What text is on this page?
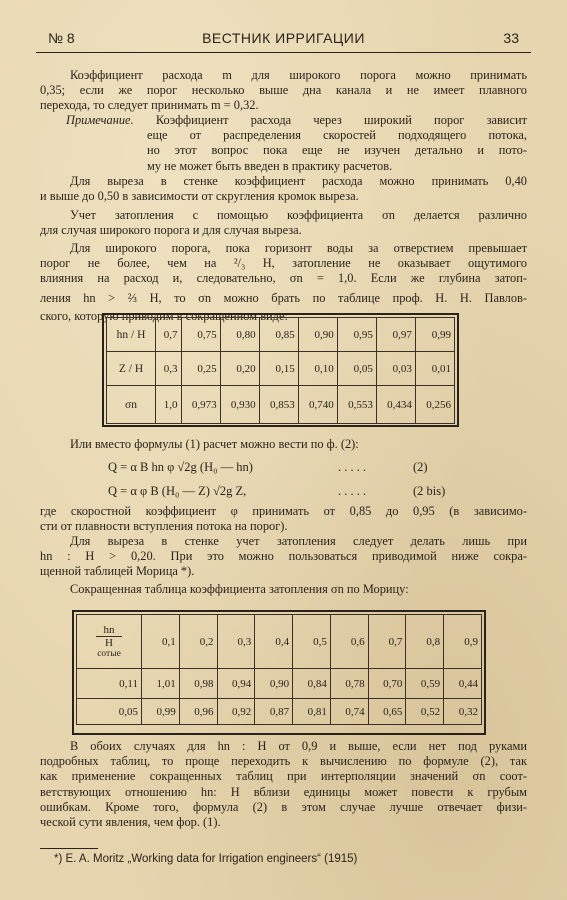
№ 8	ВЕСТНИК ИРРИГАЦИИ	33
Коэффициент расхода m для широкого порога можно принимать
0,35; если же порог несколько выше дна канала и не имеет плавного
перехода, то следует принимать m = 0,32.
Примечание. Коэффициент расхода через широкий порог зависит
еще от распределения скоростей подходящего потока,
но этот вопрос пока еще не изучен детально и пото-
му не может быть введен в практику расчетов.
Для выреза в стенке коэффициент расхода можно принимать 0,40
и выше до 0,50 в зависимости от скругления кромок выреза.
Учет затопления с помощью коэффициента σn делается различно
для случая широкого порога и для случая выреза.
Для широкого порога, пока горизонт воды за отверстием превышает
порог не более, чем на ²/₃ H, затопление не оказывает ощутимого
влияния на расход и, следовательно, σn = 1,0. Если же глубина затоп-
ления hn > ⅔ H, то σn можно брать по таблице проф. Н. Н. Павлов-
ского, которую приводим в сокращенном виде:
hn / H	0,7	0,75	0,80	0,85	0,90	0,95	0,97	0,99
Z / H	0,3	0,25	0,20	0,15	0,10	0,05	0,03	0,01
σn	1,0	0,973	0,930	0,853	0,740	0,553	0,434	0,256
Или вместо формулы (1) расчет можно вести по ф. (2):
Q = α B hn φ √2g (H₀ — hn)	. . . . .	(2)
Q = α φ B (H₀ — Z) √2g Z,	. . . . .	(2 bis)
где скоростной коэффициент φ принимать от 0,85 до 0,95 (в зависимо-
сти от плавности вступления потока на порог).
Для выреза в стенке учет затопления следует делать лишь при
hn : H > 0,20. При это можно пользоваться приводимой ниже сокра-
щенной таблицей Морица *).
Сокращенная таблица коэффициента затопления σn по Морицу:
hn
H
сотые	0,1	0,2	0,3	0,4	0,5	0,6	0,7	0,8	0,9
0,11	1,01	0,98	0,94	0,90	0,84	0,78	0,70	0,59	0,44
0,05	0,99	0,96	0,92	0,87	0,81	0,74	0,65	0,52	0,32
В обоих случаях для hn : H от 0,9 и выше, если нет под руками
подробных таблиц, то проще переходить к вычислению по формуле (2), так
как применение сокращенных таблиц при интерполяции значений σn соот-
ветствующих отношению hn: H вблизи единицы может повести к грубым
ошибкам. Кроме того, формула (2) в этом случае лучше отвечает физи-
ческой сути явления, чем фор. (1).
*) E. A. Moritz „Working data for Irrigation engineers“ (1915)
